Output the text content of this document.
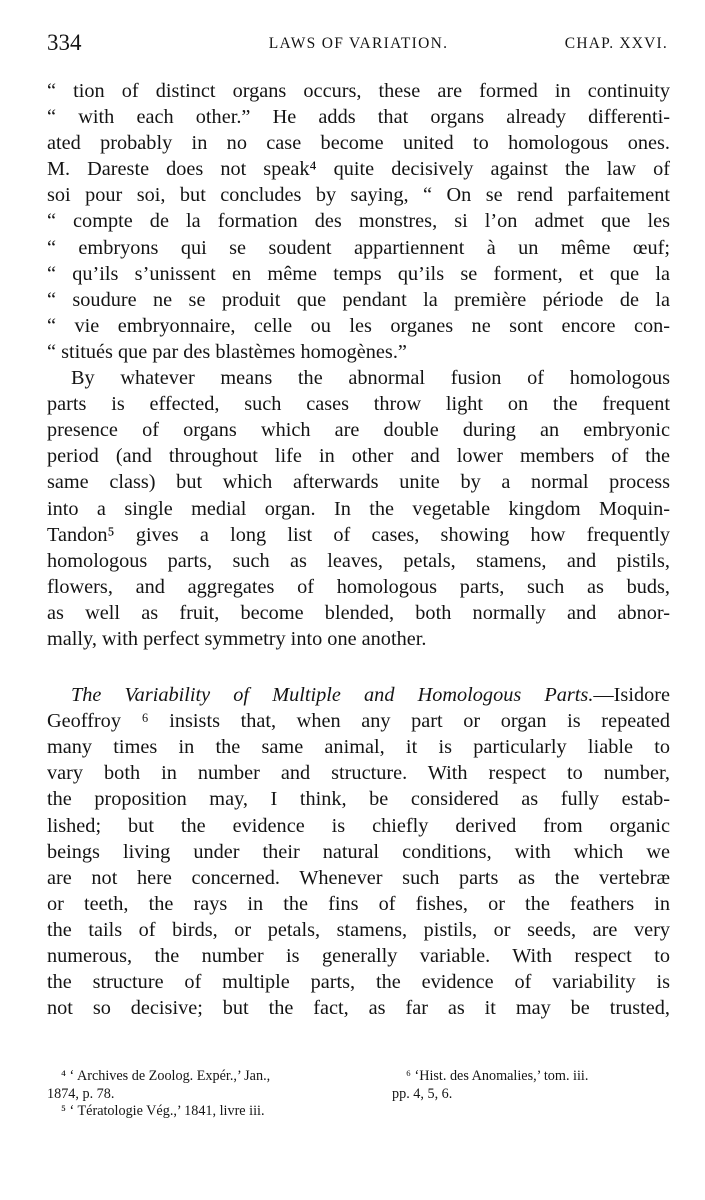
334	LAWS OF VARIATION.	CHAP. XXVI.
“ tion of distinct organs occurs, these are formed in continuity
“ with each other.” He adds that organs already differenti-
ated probably in no case become united to homologous ones.
M. Dareste does not speak⁴ quite decisively against the law of
soi pour soi, but concludes by saying, “ On se rend parfaitement
“ compte de la formation des monstres, si l’on admet que les
“ embryons qui se soudent appartiennent à un même œuf;
“ qu’ils s’unissent en même temps qu’ils se forment, et que la
“ soudure ne se produit que pendant la première période de la
“ vie embryonnaire, celle ou les organes ne sont encore con-
“ stitués que par des blastèmes homogènes.”
By whatever means the abnormal fusion of homologous
parts is effected, such cases throw light on the frequent
presence of organs which are double during an embryonic
period (and throughout life in other and lower members of the
same class) but which afterwards unite by a normal process
into a single medial organ. In the vegetable kingdom Moquin-
Tandon⁵ gives a long list of cases, showing how frequently
homologous parts, such as leaves, petals, stamens, and pistils,
flowers, and aggregates of homologous parts, such as buds,
as well as fruit, become blended, both normally and abnor-
mally, with perfect symmetry into one another.
The Variability of Multiple and Homologous Parts.—Isidore
Geoffroy ⁶ insists that, when any part or organ is repeated
many times in the same animal, it is particularly liable to
vary both in number and structure. With respect to number,
the proposition may, I think, be considered as fully estab-
lished; but the evidence is chiefly derived from organic
beings living under their natural conditions, with which we
are not here concerned. Whenever such parts as the vertebræ
or teeth, the rays in the fins of fishes, or the feathers in
the tails of birds, or petals, stamens, pistils, or seeds, are very
numerous, the number is generally variable. With respect to
the structure of multiple parts, the evidence of variability is
not so decisive; but the fact, as far as it may be trusted,
⁴ ‘ Archives de Zoolog. Expér.,’ Jan.,
1874, p. 78.
⁵ ‘ Tératologie Vég.,’ 1841, livre iii.
⁶ ‘Hist. des Anomalies,’ tom. iii.
pp. 4, 5, 6.
